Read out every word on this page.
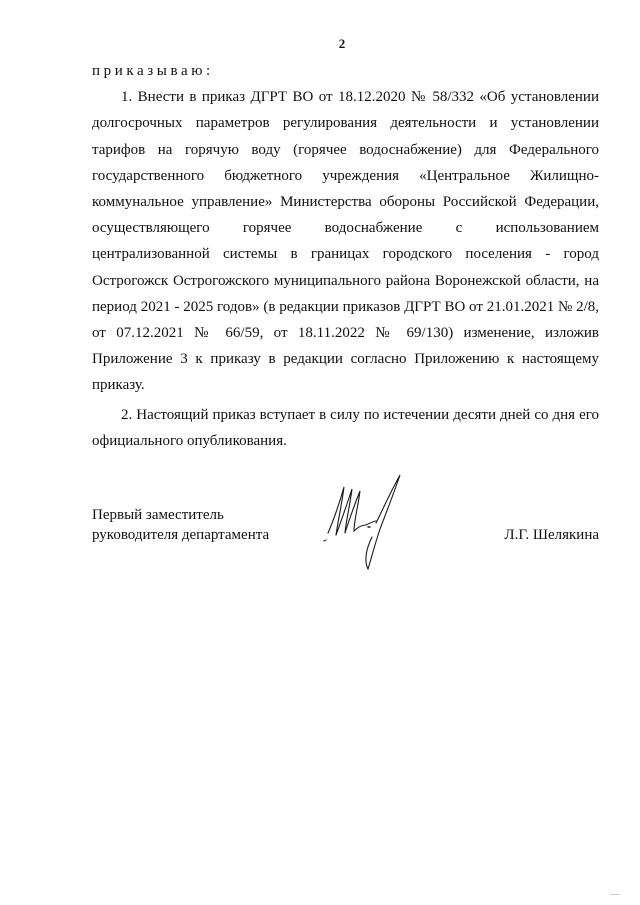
2

приказываю:

1. Внести в приказ ДГРТ ВО от 18.12.2020 № 58/332 «Об установлении долгосрочных параметров регулирования деятельности и установлении тарифов на горячую воду (горячее водоснабжение) для Федерального государственного бюджетного учреждения «Центральное Жилищно-коммунальное управление» Министерства обороны Российской Федерации, осуществляющего горячее водоснабжение с использованием централизованной системы в границах городского поселения - город Острогожск Острогожского муниципального района Воронежской области, на период 2021 - 2025 годов» (в редакции приказов ДГРТ ВО от 21.01.2021 № 2/8, от 07.12.2021 № 66/59, от 18.11.2022 № 69/130) изменение, изложив Приложение 3 к приказу в редакции согласно Приложению к настоящему приказу.

2. Настоящий приказ вступает в силу по истечении десяти дней со дня его официального опубликования.

Первый заместитель
руководителя департамента	Л.Г. Шелякина
